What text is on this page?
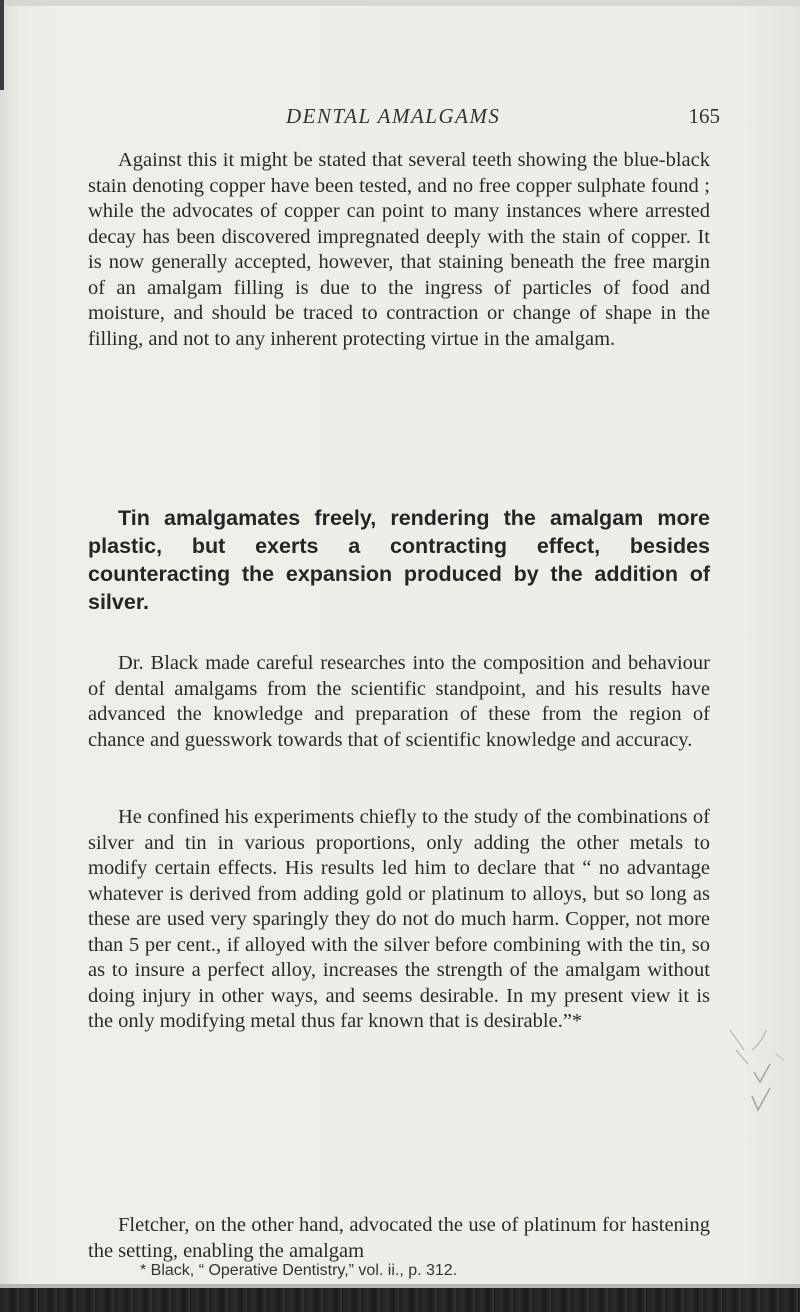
DENTAL AMALGAMS	165

Against this it might be stated that several teeth showing the blue-black stain denoting copper have been tested, and no free copper sulphate found ; while the advocates of copper can point to many instances where arrested decay has been discovered impregnated deeply with the stain of copper. It is now generally accepted, however, that staining beneath the free margin of an amalgam filling is due to the ingress of particles of food and moisture, and should be traced to contraction or change of shape in the filling, and not to any inherent protecting virtue in the amalgam.

Tin amalgamates freely, rendering the amalgam more plastic, but exerts a contracting effect, besides counteracting the expansion produced by the addition of silver.

Dr. Black made careful researches into the composition and behaviour of dental amalgams from the scientific standpoint, and his results have advanced the knowledge and preparation of these from the region of chance and guesswork towards that of scientific knowledge and accuracy.

He confined his experiments chiefly to the study of the combinations of silver and tin in various proportions, only adding the other metals to modify certain effects. His results led him to declare that “ no advantage whatever is derived from adding gold or platinum to alloys, but so long as these are used very sparingly they do not do much harm. Copper, not more than 5 per cent., if alloyed with the silver before combining with the tin, so as to insure a perfect alloy, increases the strength of the amalgam without doing injury in other ways, and seems desirable. In my present view it is the only modifying metal thus far known that is desirable.”*

Fletcher, on the other hand, advocated the use of platinum for hastening the setting, enabling the amalgam

* Black, “ Operative Dentistry,” vol. ii., p. 312.
